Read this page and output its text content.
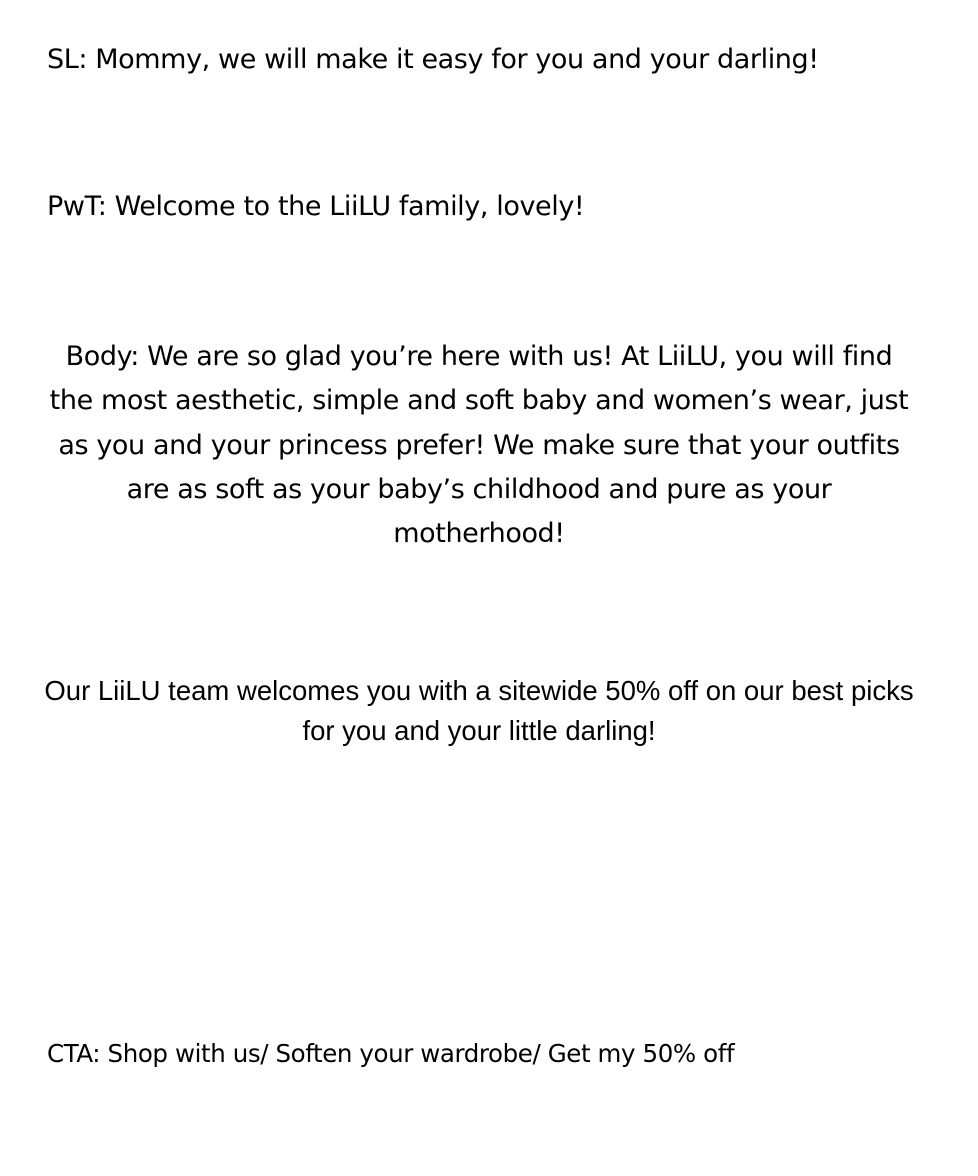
SL: Mommy, we will make it easy for you and your darling!

PwT: Welcome to the LiiLU family, lovely!

Body: We are so glad you’re here with us! At LiiLU, you will find the most aesthetic, simple and soft baby and women’s wear, just as you and your princess prefer! We make sure that your outfits are as soft as your baby’s childhood and pure as your motherhood!

Our LiiLU team welcomes you with a sitewide 50% off on our best picks for you and your little darling!

CTA: Shop with us/ Soften your wardrobe/ Get my 50% off
